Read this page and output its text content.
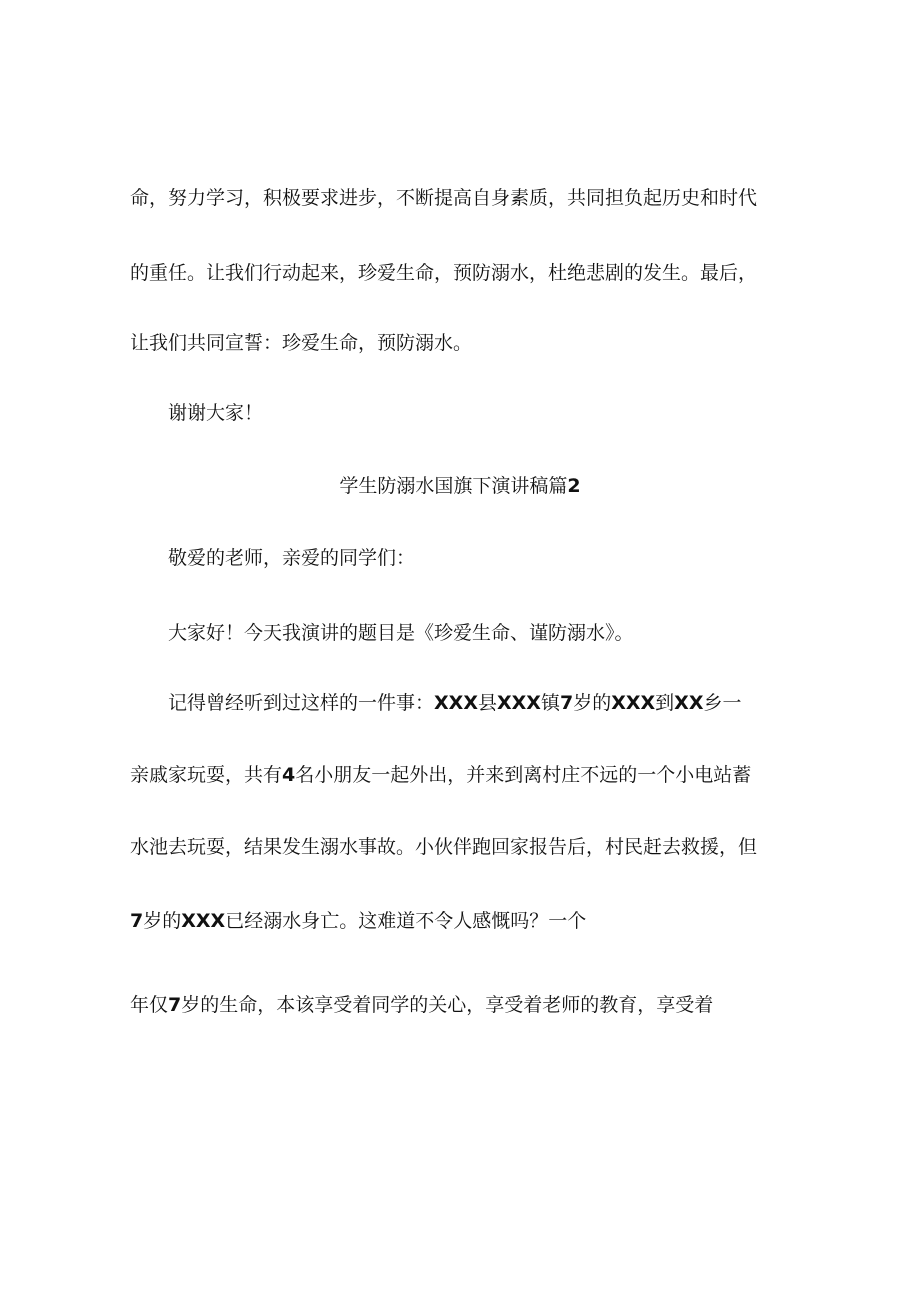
命，努力学习，积极要求进步，不断提高自身素质，共同担负起历史和时代
的重任。让我们行动起来，珍爱生命，预防溺水，杜绝悲剧的发生。最后，
让我们共同宣誓：珍爱生命，预防溺水。
谢谢大家！
学生防溺水国旗下演讲稿篇2
敬爱的老师，亲爱的同学们：
大家好！今天我演讲的题目是《珍爱生命、谨防溺水》。
记得曾经听到过这样的一件事：XXX县XXX镇7岁的XXX到XX乡一
亲戚家玩耍，共有4名小朋友一起外出，并来到离村庄不远的一个小电站蓄
水池去玩耍，结果发生溺水事故。小伙伴跑回家报告后，村民赶去救援，但
7岁的XXX已经溺水身亡。这难道不令人感慨吗？一个
年仅7岁的生命，本该享受着同学的关心，享受着老师的教育，享受着
